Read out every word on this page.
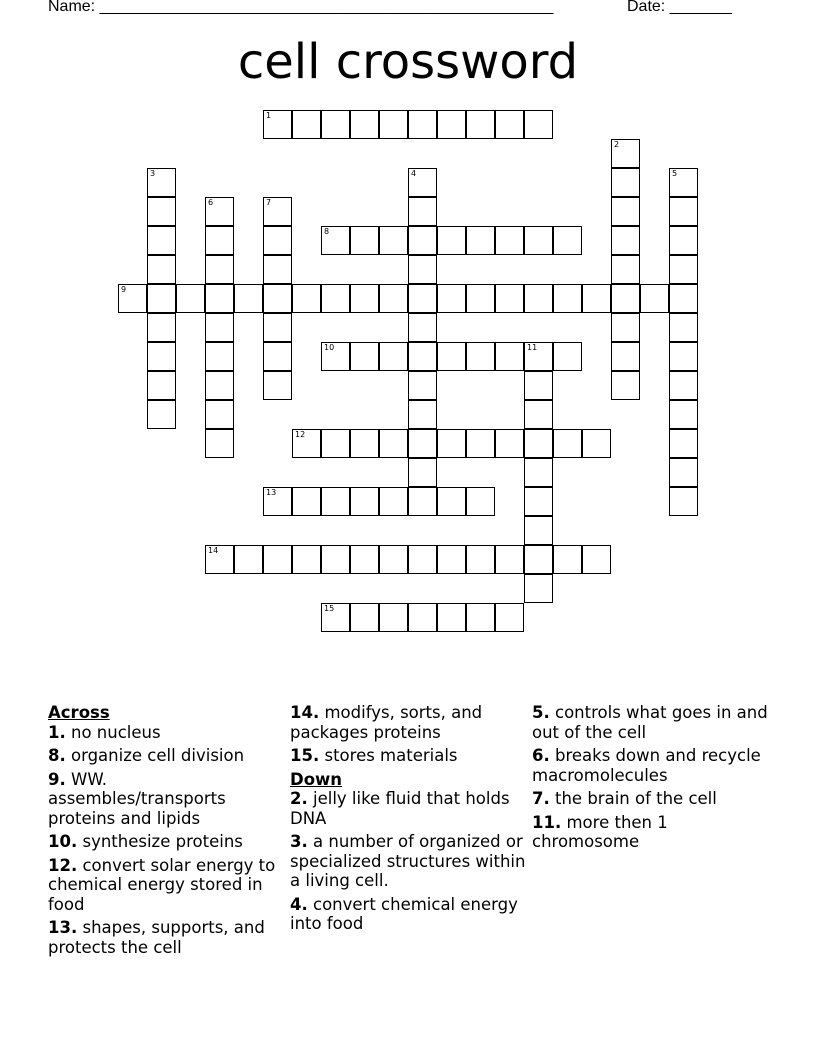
Name: ___________________________________________________	Date: _______
cell crossword
1
2
3	4	5
6	7
8
9
10	11
12
13
14
15

Across

1. no nucleus

8. organize cell division

9. WW. assembles/transports proteins and lipids

10. synthesize proteins

12. convert solar energy to chemical energy stored in food

13. shapes, supports, and protects the cell

14. modifys, sorts, and packages proteins

15. stores materials

Down

2. jelly like fluid that holds DNA

3. a number of organized or specialized structures within a living cell.

4. convert chemical energy into food

5. controls what goes in and out of the cell

6. breaks down and recycle macromolecules

7. the brain of the cell

11. more then 1 chromosome
